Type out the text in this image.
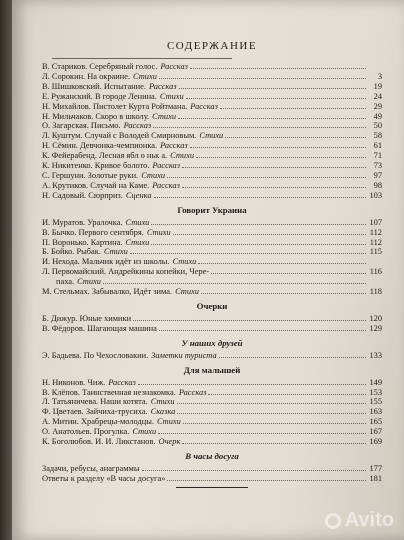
СОДЕРЖАНИЕ
В. Стариков. Серебряный голос. Рассказ
Л. Сорокин. На окраине. Стихи	3
В. Шишковский. Испытание. Рассказ	19
Е. Ружанский. В городе Ленина. Стихи	24
Н. Михайлов. Пистолет Курта Ройтмана. Рассказ	29
Н. Мильчаков. Скоро в школу. Стихи	49
О. Загарская. Письмо. Рассказ	50
Л. Куштум. Случай с Володей Смирновым. Стихи	58
Н. Сёмин. Девчонка-чемпионка. Рассказ	61
К. Фейерабенд. Лесная ябл о ньк а. Стихи	71
К. Никитенко. Кривое болото. Рассказ	73
С. Гершуни. Золотые руки. Стихи	97
А. Крутиков. Случай на Каме. Рассказ	98
Н. Садовый. Сюрприз. Сценка	103
Говорит Украина
И. Муратов. Уралочка. Стихи	107
В. Бычко. Первого сентября. Стихи	112
П. Воронько. Картина. Стихи	112
Б. Бойко. Рыбак. Стихи	115
И. Нехода. Мальчик идёт из школы. Стихи
Л. Первомайский. Андрейкины копейки, Чере-	116
паха. Стихи
М. Стельмах. Забывалко, Идёт зима. Стихи	118
Очерки
Б. Дижур. Юные химики	120
В. Фёдоров. Шагающая машина	129
У наших друзей
Э. Бадьева. По Чехословакии. Заметки туриста	133
Для малышей
Н. Никонов. Чиж. Рассказ	149
В. Клёпов. Таинственная незнакомка. Рассказ	153
Л. Татьяничева. Наши котята. Стихи	155
Ф. Цветаев. Зайчиха-трусиха. Сказка	163
А. Митин. Храбрецы-молодцы. Стихи	165
О. Анатольев. Прогулка. Стихи	167
К. Боголюбов. И. И. Ликстанов. Очерк	169
В часы досуга
Задачи, ребусы, анаграммы	177
Ответы к разделу «В часы досуга»	181
Avito
